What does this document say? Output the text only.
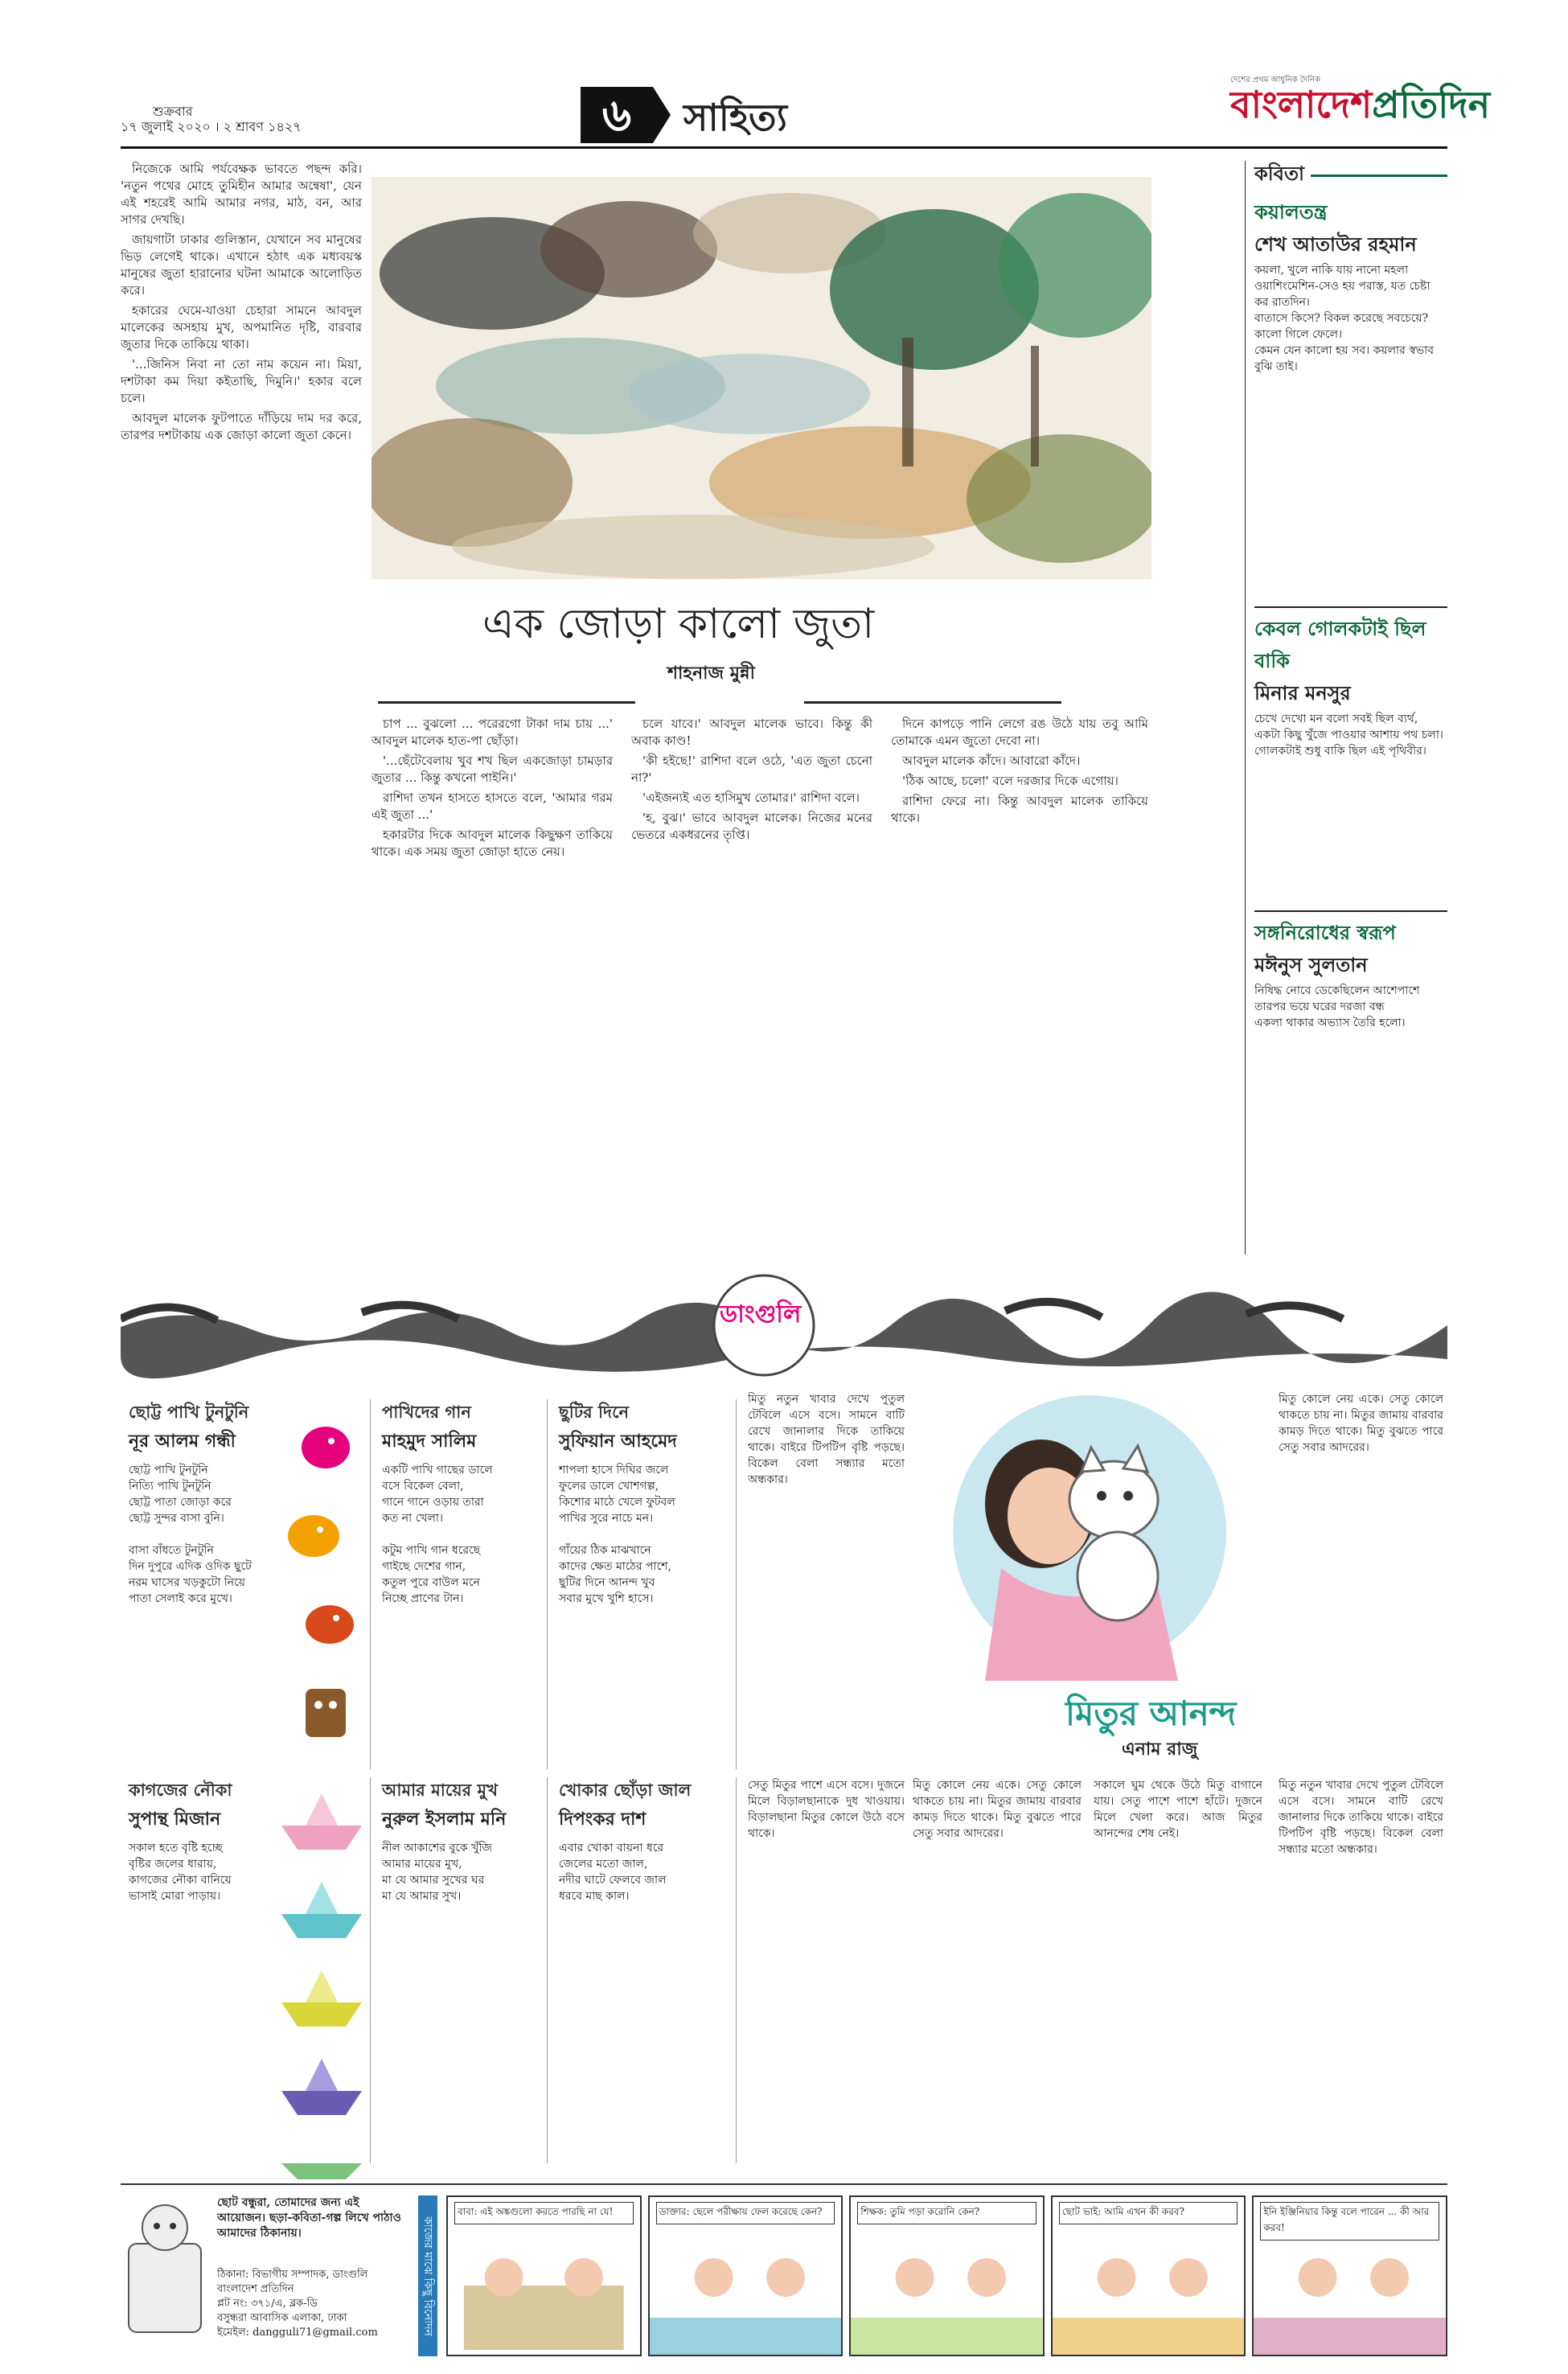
শুক্রবার
১৭ জুলাই ২০২০ । ২ শ্রাবণ ১৪২৭	৬	সাহিত্য
দেশের প্রথম আধুনিক দৈনিক
বাংলাদেশপ্রতিদিন

নিজেকে আমি পর্যবেক্ষক ভাবতে পছন্দ করি। 'নতুন পথের মোহে তুমিহীন আমার অন্বেষা', যেন এই শহরেই আমি আমার নগর, মাঠ, বন, আর সাগর দেখছি।

জায়গাটা ঢাকার গুলিস্তান, যেখানে সব মানুষের ভিড় লেগেই থাকে। এখানে হঠাৎ এক মধ্যবয়স্ক মানুষের জুতা হারানোর ঘটনা আমাকে আলোড়িত করে।

হকারের ঘেমে-যাওয়া চেহারা সামনে আবদুল মালেকের অসহায় মুখ, অপমানিত দৃষ্টি, বারবার জুতার দিকে তাকিয়ে থাকা।

'...জিনিস নিবা না তো নাম কয়েন না। মিয়া, দশটাকা কম দিয়া কইতাছি, দিমুনি।' হকার বলে চলে।

আবদুল মালেক ফুটপাতে দাঁড়িয়ে দাম দর করে, তারপর দশটাকায় এক জোড়া কালো জুতা কেনে।

এক জোড়া কালো জুতা
শাহনাজ মুন্নী

চাপ ... বুঝলো ... পরেরগো টাকা দাম চায় ...' আবদুল মালেক হাত-পা ছোঁড়া।

'...ছেঁটেবেলায় খুব শখ ছিল একজোড়া চামড়ার জুতার ... কিন্তু কখনো পাইনি।'

রাশিদা তখন হাসতে হাসতে বলে, 'আমার গরম এই জুতা ...'

হকারটার দিকে আবদুল মালেক কিছুক্ষণ তাকিয়ে থাকে। এক সময় জুতা জোড়া হাতে নেয়।

চলে যাবে।' আবদুল মালেক ভাবে। কিন্তু কী অবাক কাণ্ড!

'কী হইছে!' রাশিদা বলে ওঠে, 'এত জুতা চেনো না?'

'এইজন্যই এত হাসিমুখ তোমার।' রাশিদা বলে।

'হ, বুঝ।' ভাবে আবদুল মালেক। নিজের মনের ভেতরে একধরনের তৃপ্তি।

দিনে কাপড়ে পানি লেগে রঙ উঠে যায় তবু আমি তোমাকে এমন জুতো দেবো না।

আবদুল মালেক কাঁদে। আবারো কাঁদে।

'ঠিক আছে, চলো' বলে দরজার দিকে এগোয়।

রাশিদা ফেরে না। কিন্তু আবদুল মালেক তাকিয়ে থাকে।

কবিতা
কয়ালতন্ত্র
শেখ আতাউর রহমান
কয়লা, খুলে নাকি যায় নানো মহলা ওয়াশিংমেশিন-সেও হয় পরাস্ত, যত চেষ্টা কর রাতদিন।
বাতাসে কিসে? বিকল করেছে সবচেয়ে? কালো গিলে ফেলে।
কেমন যেন কালো হয় সব। কয়লার স্বভাব বুঝি তাই।
কেবল গোলকটাই ছিল বাকি
মিনার মনসুর
চেখে দেখো মন বলো সবই ছিল ব্যর্থ,
একটা কিছু খুঁজে পাওয়ার আশায় পথ চলা।
গোলকটাই শুধু বাকি ছিল এই পৃথিবীর।
সঙ্গনিরোধের স্বরূপ
মঈনুস সুলতান
নিষিদ্ধ নোবে ডেকেছিলেন আশেপাশে
তারপর ভয়ে ঘরের দরজা বন্ধ
একলা থাকার অভ্যাস তৈরি হলো।
ডাংগুলি
ছোট্ট পাখি টুনটুনি
নূর আলম গন্ধী
ছোট্ট পাখি টুনটুনি
নিত্যি পাখি টুনটুনি
ছোট্ট পাতা জোড়া করে
ছোট্ট সুন্দর বাসা বুনি।

বাসা বাঁধতে টুনটুনি
দিন দুপুরে এদিক ওদিক ছুটে
নরম ঘাসের খড়কুটো নিয়ে
পাতা সেলাই করে মুখে।
পাখিদের গান
মাহমুদ সালিম
একটি পাখি গাছের ডালে
বসে বিকেল বেলা,
গানে গানে ওড়ায় তারা
কত না খেলা।

কটুম পাখি গান ধরেছে
গাইছে দেশের গান,
কতুল পুরে বাউল মনে
নিচ্ছে প্রাণের টান।
ছুটির দিনে
সুফিয়ান আহমেদ
শাপলা হাসে দিঘির জলে
ফুলের ডালে খোশগল্প,
কিশোর মাঠে খেলে ফুটবল
পাখির সুরে নাচে মন।

গাঁয়ের ঠিক মাঝখানে
কাদের ক্ষেত মাঠের পাশে,
ছুটির দিনে আনন্দ খুব
সবার মুখে খুশি হাসে।
মিতু নতুন খাবার দেখে পুতুল টেবিলে এসে বসে। সামনে বাটি রেখে জানালার দিকে তাকিয়ে থাকে। বাইরে টিপটিপ বৃষ্টি পড়ছে। বিকেল বেলা সন্ধ্যার মতো অন্ধকার।
মিতুর আনন্দ
এনাম রাজু
মিতু কোলে নেয় একে। সেতু কোলে থাকতে চায় না। মিতুর জামায় বারবার কামড় দিতে থাকে। মিতু বুঝতে পারে সেতু সবার আদরের।
কাগজের নৌকা
সুপান্থ মিজান
সকাল হতে বৃষ্টি হচ্ছে
বৃষ্টির জলের ধারায়,
কাগজের নৌকা বানিয়ে
ভাসাই মোরা পাড়ায়।
আমার মায়ের মুখ
নুরুল ইসলাম মনি
নীল আকাশের বুকে খুঁজি
আমার মায়ের মুখ,
মা যে আমার সুখের ঘর
মা যে আমার সুখ।
খোকার ছোঁড়া জাল
দিপংকর দাশ
এবার খোকা বায়না ধরে
জেলের মতো জাল,
নদীর ঘাটে ফেলবে জাল
ধরবে মাছ কাল।
সেতু মিতুর পাশে এসে বসে। দুজনে মিলে বিড়ালছানাকে দুধ খাওয়ায়। বিড়ালছানা মিতুর কোলে উঠে বসে থাকে।
মিতু কোলে নেয় একে। সেতু কোলে থাকতে চায় না। মিতুর জামায় বারবার কামড় দিতে থাকে। মিতু বুঝতে পারে সেতু সবার আদরের।
সকালে ঘুম থেকে উঠে মিতু বাগানে যায়। সেতু পাশে পাশে হাঁটে। দুজনে মিলে খেলা করে। আজ মিতুর আনন্দের শেষ নেই।
মিতু নতুন খাবার দেখে পুতুল টেবিলে এসে বসে। সামনে বাটি রেখে জানালার দিকে তাকিয়ে থাকে। বাইরে টিপটিপ বৃষ্টি পড়ছে। বিকেল বেলা সন্ধ্যার মতো অন্ধকার।
ছোট বন্ধুরা, তোমাদের জন্য এই আয়োজন। ছড়া-কবিতা-গল্প লিখে পাঠাও আমাদের ঠিকানায়।
ঠিকানা: বিভাগীয় সম্পাদক, ডাংগুলি
বাংলাদেশ প্রতিদিন
প্লট নং: ৩৭১/এ, ব্লক-ডি
বসুন্ধরা আবাসিক এলাকা, ঢাকা
ইমেইল: dangguli71@gmail.com	কাজের মাঝে কিছু বিনোদন
বাবা: এই অঙ্কগুলো করতে পারছি না যে!	ডাক্তার: ছেলে পরীক্ষায় ফেল করেছে কেন?	শিক্ষক: তুমি পড়া করোনি কেন?	ছোট ভাই: আমি এখন কী করব?	ইনি ইঞ্জিনিয়ার কিন্তু বলে পারেন ... কী আর করব!
